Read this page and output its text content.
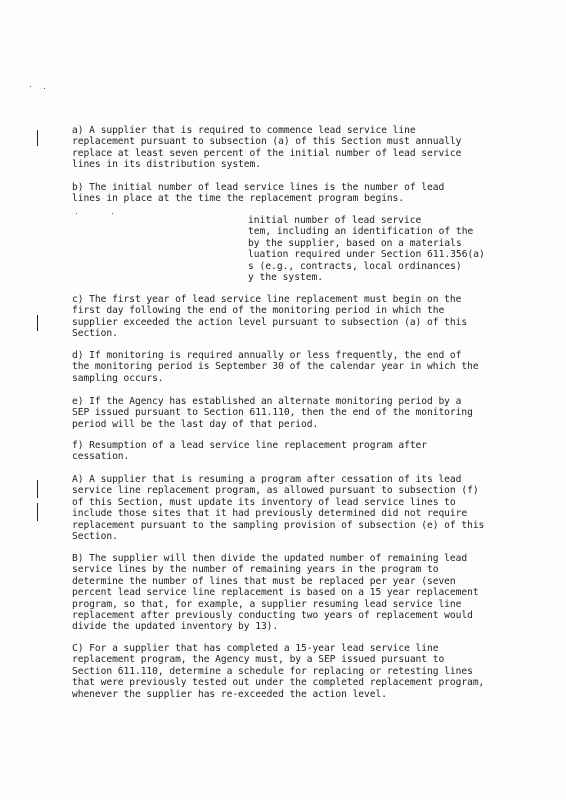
a) A supplier that is required to commence lead service line
replacement pursuant to subsection (a) of this Section must annually
replace at least seven percent of the initial number of lead service
lines in its distribution system.
b) The initial number of lead service lines is the number of lead
lines in place at the time the replacement program begins.
initial number of lead service
tem, including an identification of the
by the supplier, based on a materials
luation required under Section 611.356(a)
s (e.g., contracts, local ordinances)
y the system.
c) The first year of lead service line replacement must begin on the
first day following the end of the monitoring period in which the
supplier exceeded the action level pursuant to subsection (a) of this
Section.
d) If monitoring is required annually or less frequently, the end of
the monitoring period is September 30 of the calendar year in which the
sampling occurs.
e) If the Agency has established an alternate monitoring period by a
SEP issued pursuant to Section 611.110, then the end of the monitoring
period will be the last day of that period.
f) Resumption of a lead service line replacement program after
cessation.
A) A supplier that is resuming a program after cessation of its lead
service line replacement program, as allowed pursuant to subsection (f)
of this Section, must update its inventory of lead service lines to
include those sites that it had previously determined did not require
replacement pursuant to the sampling provision of subsection (e) of this
Section.
B) The supplier will then divide the updated number of remaining lead
service lines by the number of remaining years in the program to
determine the number of lines that must be replaced per year (seven
percent lead service line replacement is based on a 15 year replacement
program, so that, for example, a supplier resuming lead service line
replacement after previously conducting two years of replacement would
divide the updated inventory by 13).
C) For a supplier that has completed a 15-year lead service line
replacement program, the Agency must, by a SEP issued pursuant to
Section 611.110, determine a schedule for replacing or retesting lines
that were previously tested out under the completed replacement program,
whenever the supplier has re-exceeded the action level.
